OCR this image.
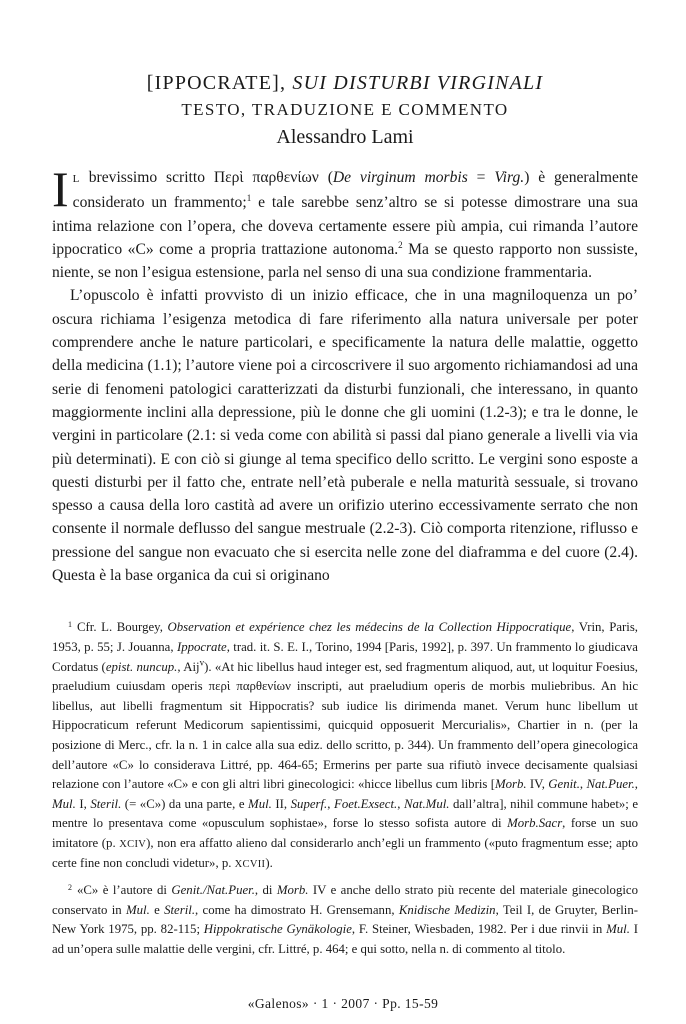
[IPPOCRATE], SUI DISTURBI VIRGINALI
TESTO, TRADUZIONE E COMMENTO
Alessandro Lami

I L brevissimo scritto Περὶ παρθενίων (De virginum morbis = Virg.) è generalmente considerato un frammento;$^1$ e tale sarebbe senz’altro se si potesse dimostrare una sua intima relazione con l’opera, che doveva certamente essere più ampia, cui rimanda l’autore ippocratico «C» come a propria trattazione autonoma.$^2$ Ma se questo rapporto non sussiste, niente, se non l’esigua estensione, parla nel senso di una sua condizione frammentaria.

L’opuscolo è infatti provvisto di un inizio efficace, che in una magniloquenza un po’ oscura richiama l’esigenza metodica di fare riferimento alla natura universale per poter comprendere anche le nature particolari, e specificamente la natura delle malattie, oggetto della medicina (1.1); l’autore viene poi a circoscrivere il suo argomento richiamandosi ad una serie di fenomeni patologici caratterizzati da disturbi funzionali, che interessano, in quanto maggiormente inclini alla depressione, più le donne che gli uomini (1.2-3); e tra le donne, le vergini in particolare (2.1: si veda come con abilità si passi dal piano generale a livelli via via più determinati). E con ciò si giunge al tema specifico dello scritto. Le vergini sono esposte a questi disturbi per il fatto che, entrate nell’età puberale e nella maturità sessuale, si trovano spesso a causa della loro castità ad avere un orifizio uterino eccessivamente serrato che non consente il normale deflusso del sangue mestruale (2.2-3). Ciò comporta ritenzione, riflusso e pressione del sangue non evacuato che si esercita nelle zone del diaframma e del cuore (2.4). Questa è la base organica da cui si originano

$^1$ Cfr. L. Bourgey, Observation et expérience chez les médecins de la Collection Hippocratique, Vrin, Paris, 1953, p. 55; J. Jouanna, Ippocrate, trad. it. S. E. I., Torino, 1994 [Paris, 1992], p. 397. Un frammento lo giudicava Cordatus (epist. nuncup., Aij$^v$). «At hic libellus haud integer est, sed fragmentum aliquod, aut, ut loquitur Foesius, praeludium cuiusdam operis περὶ παρθενίων inscripti, aut praeludium operis de morbis muliebribus. An hic libellus, aut libelli fragmentum sit Hippocratis? sub iudice lis dirimenda manet. Verum hunc libellum ut Hippocraticum referunt Medicorum sapientissimi, quicquid opposuerit Mercurialis», Chartier in n. (per la posizione di Merc., cfr. la n. 1 in calce alla sua ediz. dello scritto, p. 344). Un frammento dell’opera ginecologica dell’autore «C» lo considerava Littré, pp. 464-65; Ermerins per parte sua rifiutò invece decisamente qualsiasi relazione con l’autore «C» e con gli altri libri ginecologici: «hicce libellus cum libris [Morb. IV, Genit., Nat.Puer., Mul. I, Steril. (= «C») da una parte, e Mul. II, Superf., Foet.Exsect., Nat.Mul. dall’altra], nihil commune habet»; e mentre lo presentava come «opusculum sophistae», forse lo stesso sofista autore di Morb.Sacr, forse un suo imitatore (p. XCIV), non era affatto alieno dal considerarlo anch’egli un frammento («puto fragmentum esse; apto certe fine non concludi videtur», p. XCVII).

$^2$ «C» è l’autore di Genit./Nat.Puer., di Morb. IV e anche dello strato più recente del materiale ginecologico conservato in Mul. e Steril., come ha dimostrato H. Grensemann, Knidische Medizin, Teil I, de Gruyter, Berlin-New York 1975, pp. 82-115; Hippokratische Gynäkologie, F. Steiner, Wiesbaden, 1982. Per i due rinvii in Mul. I ad un’opera sulle malattie delle vergini, cfr. Littré, p. 464; e qui sotto, nella n. di commento al titolo.

«Galenos» · 1 · 2007 · Pp. 15-59
